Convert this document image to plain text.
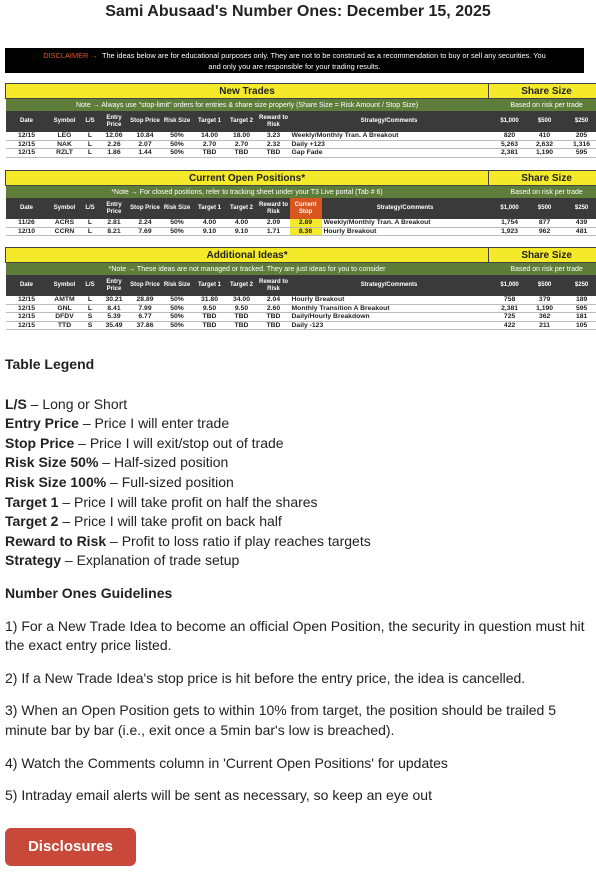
Sami Abusaad's Number Ones: December 15, 2025
DISCLAIMER → The ideas below are for educational purposes only. They are not to be construed as a recommendation to buy or sell any securities. You
and only you are responsible for your trading results.
New Trades										Share Size		
Note → Always use "stop-limit" orders for entries & share size properly (Share Size = Risk Amount / Stop Size)										Based on risk per trade		
Date	Symbol	L/S	Entry Price	Stop Price	Risk Size	Target 1	Target 2	Reward to Risk	Strategy/Comments	$1,000	$500	$250
12/15	LEG	L	12.06	10.84	50%	14.00	18.00	3.23	Weekly/Monthly Tran. A Breakout	820	410	205
12/15	NAK	L	2.26	2.07	50%	2.70	2.70	2.32	Daily +123	5,263	2,632	1,316
12/15	RZLT	L	1.86	1.44	50%	TBD	TBD	TBD	Gap Fade	2,381	1,190	595
Current Open Positions*											Share Size		
*Note → For closed positions, refer to tracking sheet under your T3 Live portal (Tab # 6)											Based on risk per trade		
Date	Symbol	L/S	Entry Price	Stop Price	Risk Size	Target 1	Target 2	Reward to Risk	Current Stop	Strategy/Comments	$1,000	$500	$250
11/26	ACRS	L	2.81	2.24	50%	4.00	4.00	2.09	2.89	Weekly/Monthly Tran. A Breakout	1,754	877	439
12/10	CCRN	L	8.21	7.69	50%	9.10	9.10	1.71	8.36	Hourly Breakout	1,923	962	481
Additional Ideas*										Share Size		
*Note → These ideas are not managed or tracked. They are just ideas for you to consider										Based on risk per trade		
Date	Symbol	L/S	Entry Price	Stop Price	Risk Size	Target 1	Target 2	Reward to Risk	Strategy/Comments	$1,000	$500	$250
12/15	AMTM	L	30.21	28.89	50%	31.80	34.00	2.04	Hourly Breakout	758	379	189
12/15	GNL	L	8.41	7.99	50%	9.50	9.50	2.60	Monthly Transition A Breakout	2,381	1,190	595
12/15	DFDV	S	5.39	6.77	50%	TBD	TBD	TBD	Daily/Hourly Breakdown	725	362	181
12/15	TTD	S	35.49	37.86	50%	TBD	TBD	TBD	Daily -123	422	211	105
Table Legend
L/S – Long or Short
Entry Price – Price I will enter trade
Stop Price – Price I will exit/stop out of trade
Risk Size 50% – Half-sized position
Risk Size 100% – Full-sized position
Target 1 – Price I will take profit on half the shares
Target 2 – Price I will take profit on back half
Reward to Risk – Profit to loss ratio if play reaches targets
Strategy – Explanation of trade setup
Number Ones Guidelines
1) For a New Trade Idea to become an official Open Position, the security in question must hit the exact entry price listed.
2) If a New Trade Idea's stop price is hit before the entry price, the idea is cancelled.
3) When an Open Position gets to within 10% from target, the position should be trailed 5 minute bar by bar (i.e., exit once a 5min bar's low is breached).
4) Watch the Comments column in 'Current Open Positions' for updates
5) Intraday email alerts will be sent as necessary, so keep an eye out
Disclosures
